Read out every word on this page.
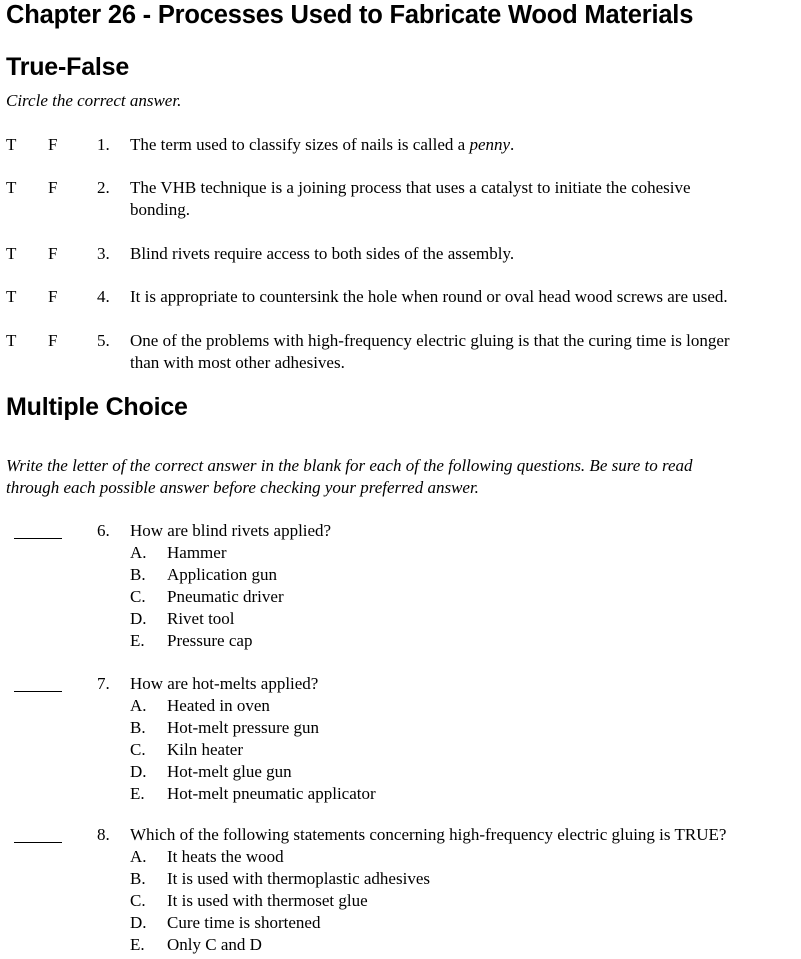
Chapter 26 - Processes Used to Fabricate Wood Materials
True-False
Circle the correct answer.
T F 1. The term used to classify sizes of nails is called a penny.
T F 2. The VHB technique is a joining process that uses a catalyst to initiate the cohesive
bonding.
T F 3. Blind rivets require access to both sides of the assembly.
T F 4. It is appropriate to countersink the hole when round or oval head wood screws are used.
T F 5. One of the problems with high-frequency electric gluing is that the curing time is longer
than with most other adhesives.
Multiple Choice
Write the letter of the correct answer in the blank for each of the following questions. Be sure to read
through each possible answer before checking your preferred answer.
6. How are blind rivets applied?
A. Hammer
B. Application gun
C. Pneumatic driver
D. Rivet tool
E. Pressure cap
7. How are hot-melts applied?
A. Heated in oven
B. Hot-melt pressure gun
C. Kiln heater
D. Hot-melt glue gun
E. Hot-melt pneumatic applicator
8. Which of the following statements concerning high-frequency electric gluing is TRUE?
A. It heats the wood
B. It is used with thermoplastic adhesives
C. It is used with thermoset glue
D. Cure time is shortened
E. Only C and D
